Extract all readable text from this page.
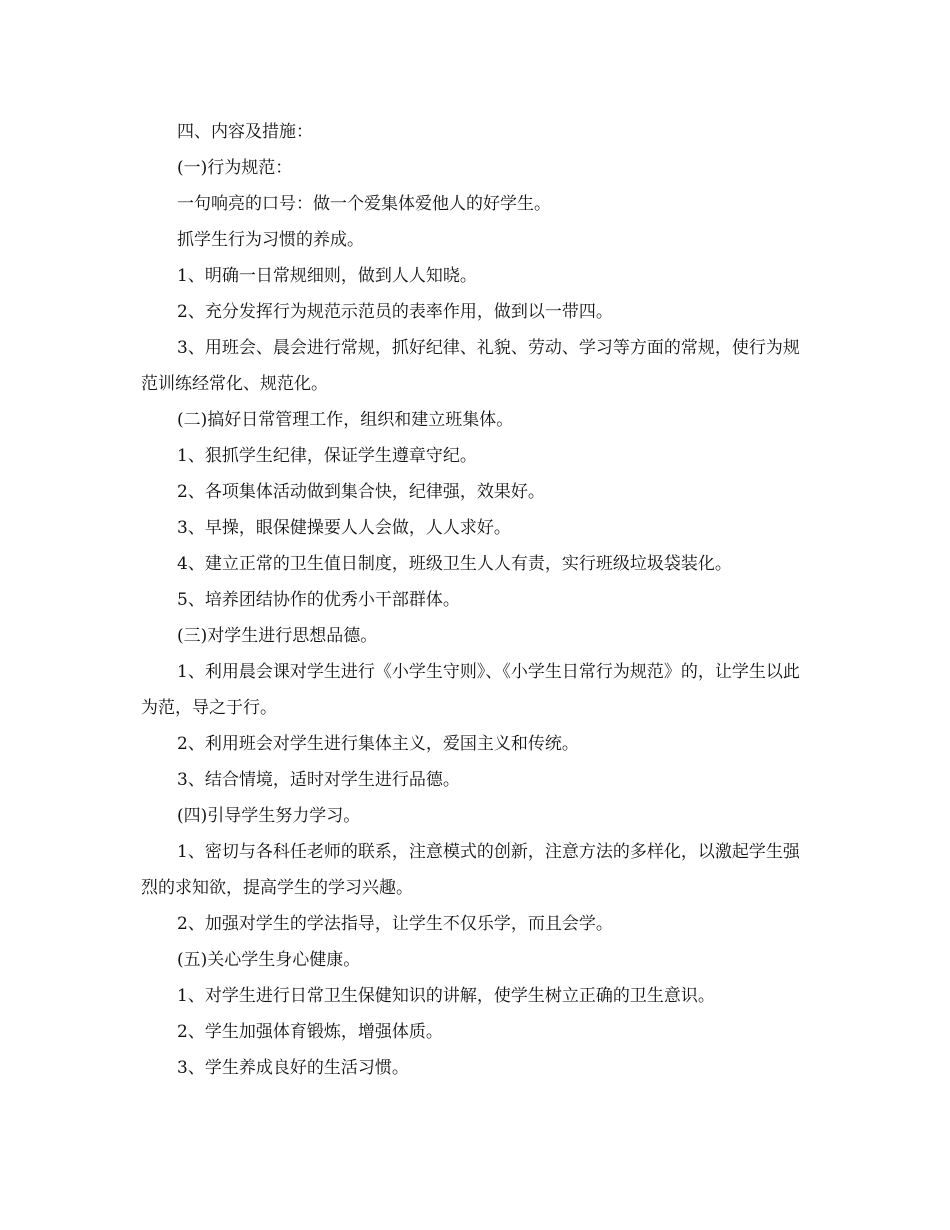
四、内容及措施：

(一)行为规范：

一句响亮的口号：做一个爱集体爱他人的好学生。

抓学生行为习惯的养成。

1、明确一日常规细则，做到人人知晓。

2、充分发挥行为规范示范员的表率作用，做到以一带四。

3、用班会、晨会进行常规，抓好纪律、礼貌、劳动、学习等方面的常规，使行为规范训练经常化、规范化。

(二)搞好日常管理工作，组织和建立班集体。

1、狠抓学生纪律，保证学生遵章守纪。

2、各项集体活动做到集合快，纪律强，效果好。

3、早操，眼保健操要人人会做，人人求好。

4、建立正常的卫生值日制度，班级卫生人人有责，实行班级垃圾袋装化。

5、培养团结协作的优秀小干部群体。

(三)对学生进行思想品德。

1、利用晨会课对学生进行《小学生守则》、《小学生日常行为规范》的，让学生以此为范，导之于行。

2、利用班会对学生进行集体主义，爱国主义和传统。

3、结合情境，适时对学生进行品德。

(四)引导学生努力学习。

1、密切与各科任老师的联系，注意模式的创新，注意方法的多样化，以激起学生强烈的求知欲，提高学生的学习兴趣。

2、加强对学生的学法指导，让学生不仅乐学，而且会学。

(五)关心学生身心健康。

1、对学生进行日常卫生保健知识的讲解，使学生树立正确的卫生意识。

2、学生加强体育锻炼，增强体质。

3、学生养成良好的生活习惯。
